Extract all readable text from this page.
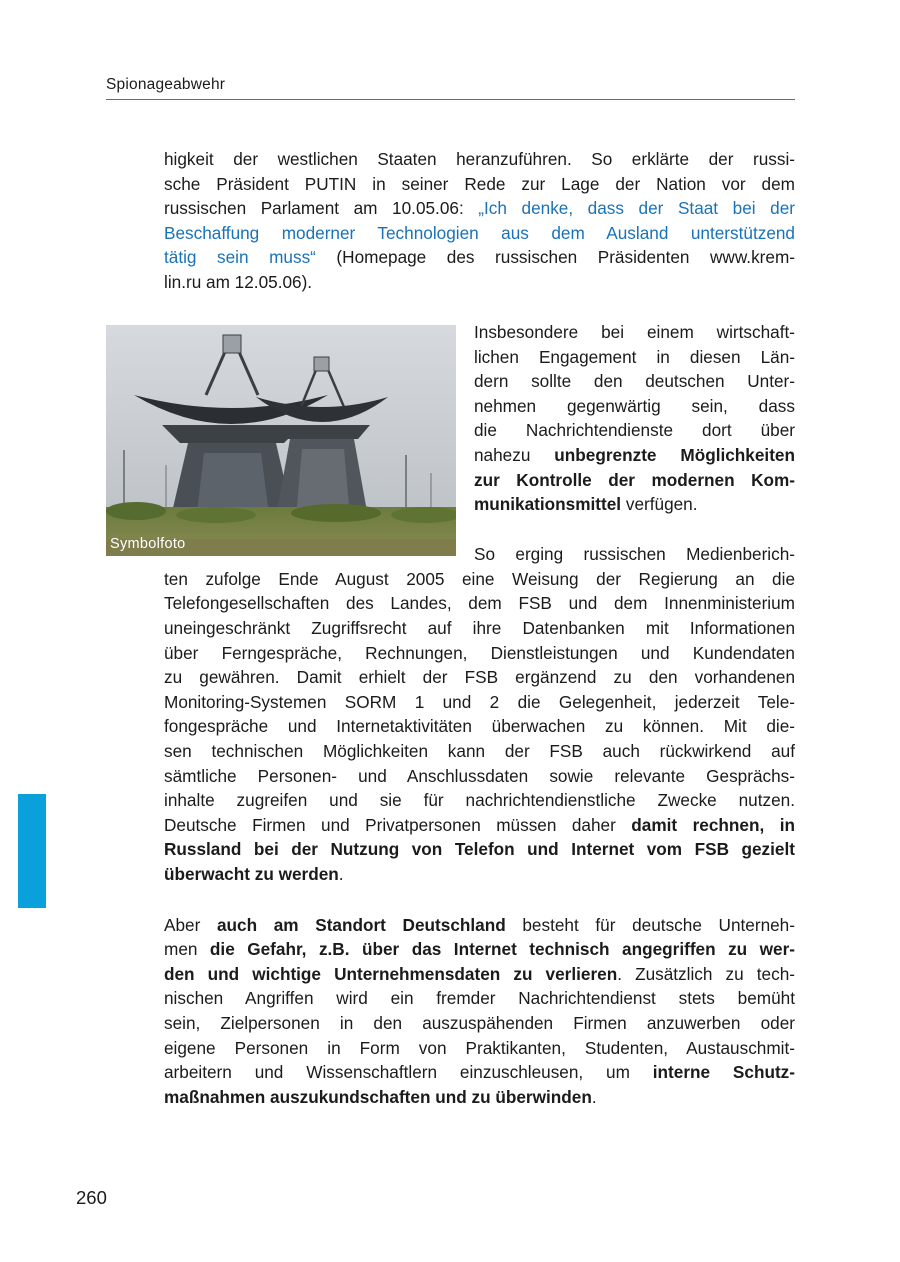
Spionageabwehr
higkeit der westlichen Staaten heranzuführen. So erklärte der russi-
sche Präsident PUTIN in seiner Rede zur Lage der Nation vor dem
russischen Parlament am 10.05.06: „Ich denke, dass der Staat bei der
Beschaffung moderner Technologien aus dem Ausland unterstützend
tätig sein muss“ (Homepage des russischen Präsidenten www.krem-
lin.ru am 12.05.06).
Symbolfoto
Insbesondere bei einem wirtschaft-
lichen Engagement in diesen Län-
dern sollte den deutschen Unter-
nehmen gegenwärtig sein, dass
die Nachrichtendienste dort über
nahezu unbegrenzte Möglichkeiten
zur Kontrolle der modernen Kom-
munikationsmittel verfügen.
So erging russischen Medienberich-
ten zufolge Ende August 2005 eine Weisung der Regierung an die
Telefongesellschaften des Landes, dem FSB und dem Innenministerium
uneingeschränkt Zugriffsrecht auf ihre Datenbanken mit Informationen
über Ferngespräche, Rechnungen, Dienstleistungen und Kundendaten
zu gewähren. Damit erhielt der FSB ergänzend zu den vorhandenen
Monitoring-Systemen SORM 1 und 2 die Gelegenheit, jederzeit Tele-
fongespräche und Internetaktivitäten überwachen zu können. Mit die-
sen technischen Möglichkeiten kann der FSB auch rückwirkend auf
sämtliche Personen- und Anschlussdaten sowie relevante Gesprächs-
inhalte zugreifen und sie für nachrichtendienstliche Zwecke nutzen.
Deutsche Firmen und Privatpersonen müssen daher damit rechnen, in
Russland bei der Nutzung von Telefon und Internet vom FSB gezielt
überwacht zu werden.
Aber auch am Standort Deutschland besteht für deutsche Unterneh-
men die Gefahr, z.B. über das Internet technisch angegriffen zu wer-
den und wichtige Unternehmensdaten zu verlieren. Zusätzlich zu tech-
nischen Angriffen wird ein fremder Nachrichtendienst stets bemüht
sein, Zielpersonen in den auszuspähenden Firmen anzuwerben oder
eigene Personen in Form von Praktikanten, Studenten, Austauschmit-
arbeitern und Wissenschaftlern einzuschleusen, um interne Schutz-
maßnahmen auszukundschaften und zu überwinden.
260
